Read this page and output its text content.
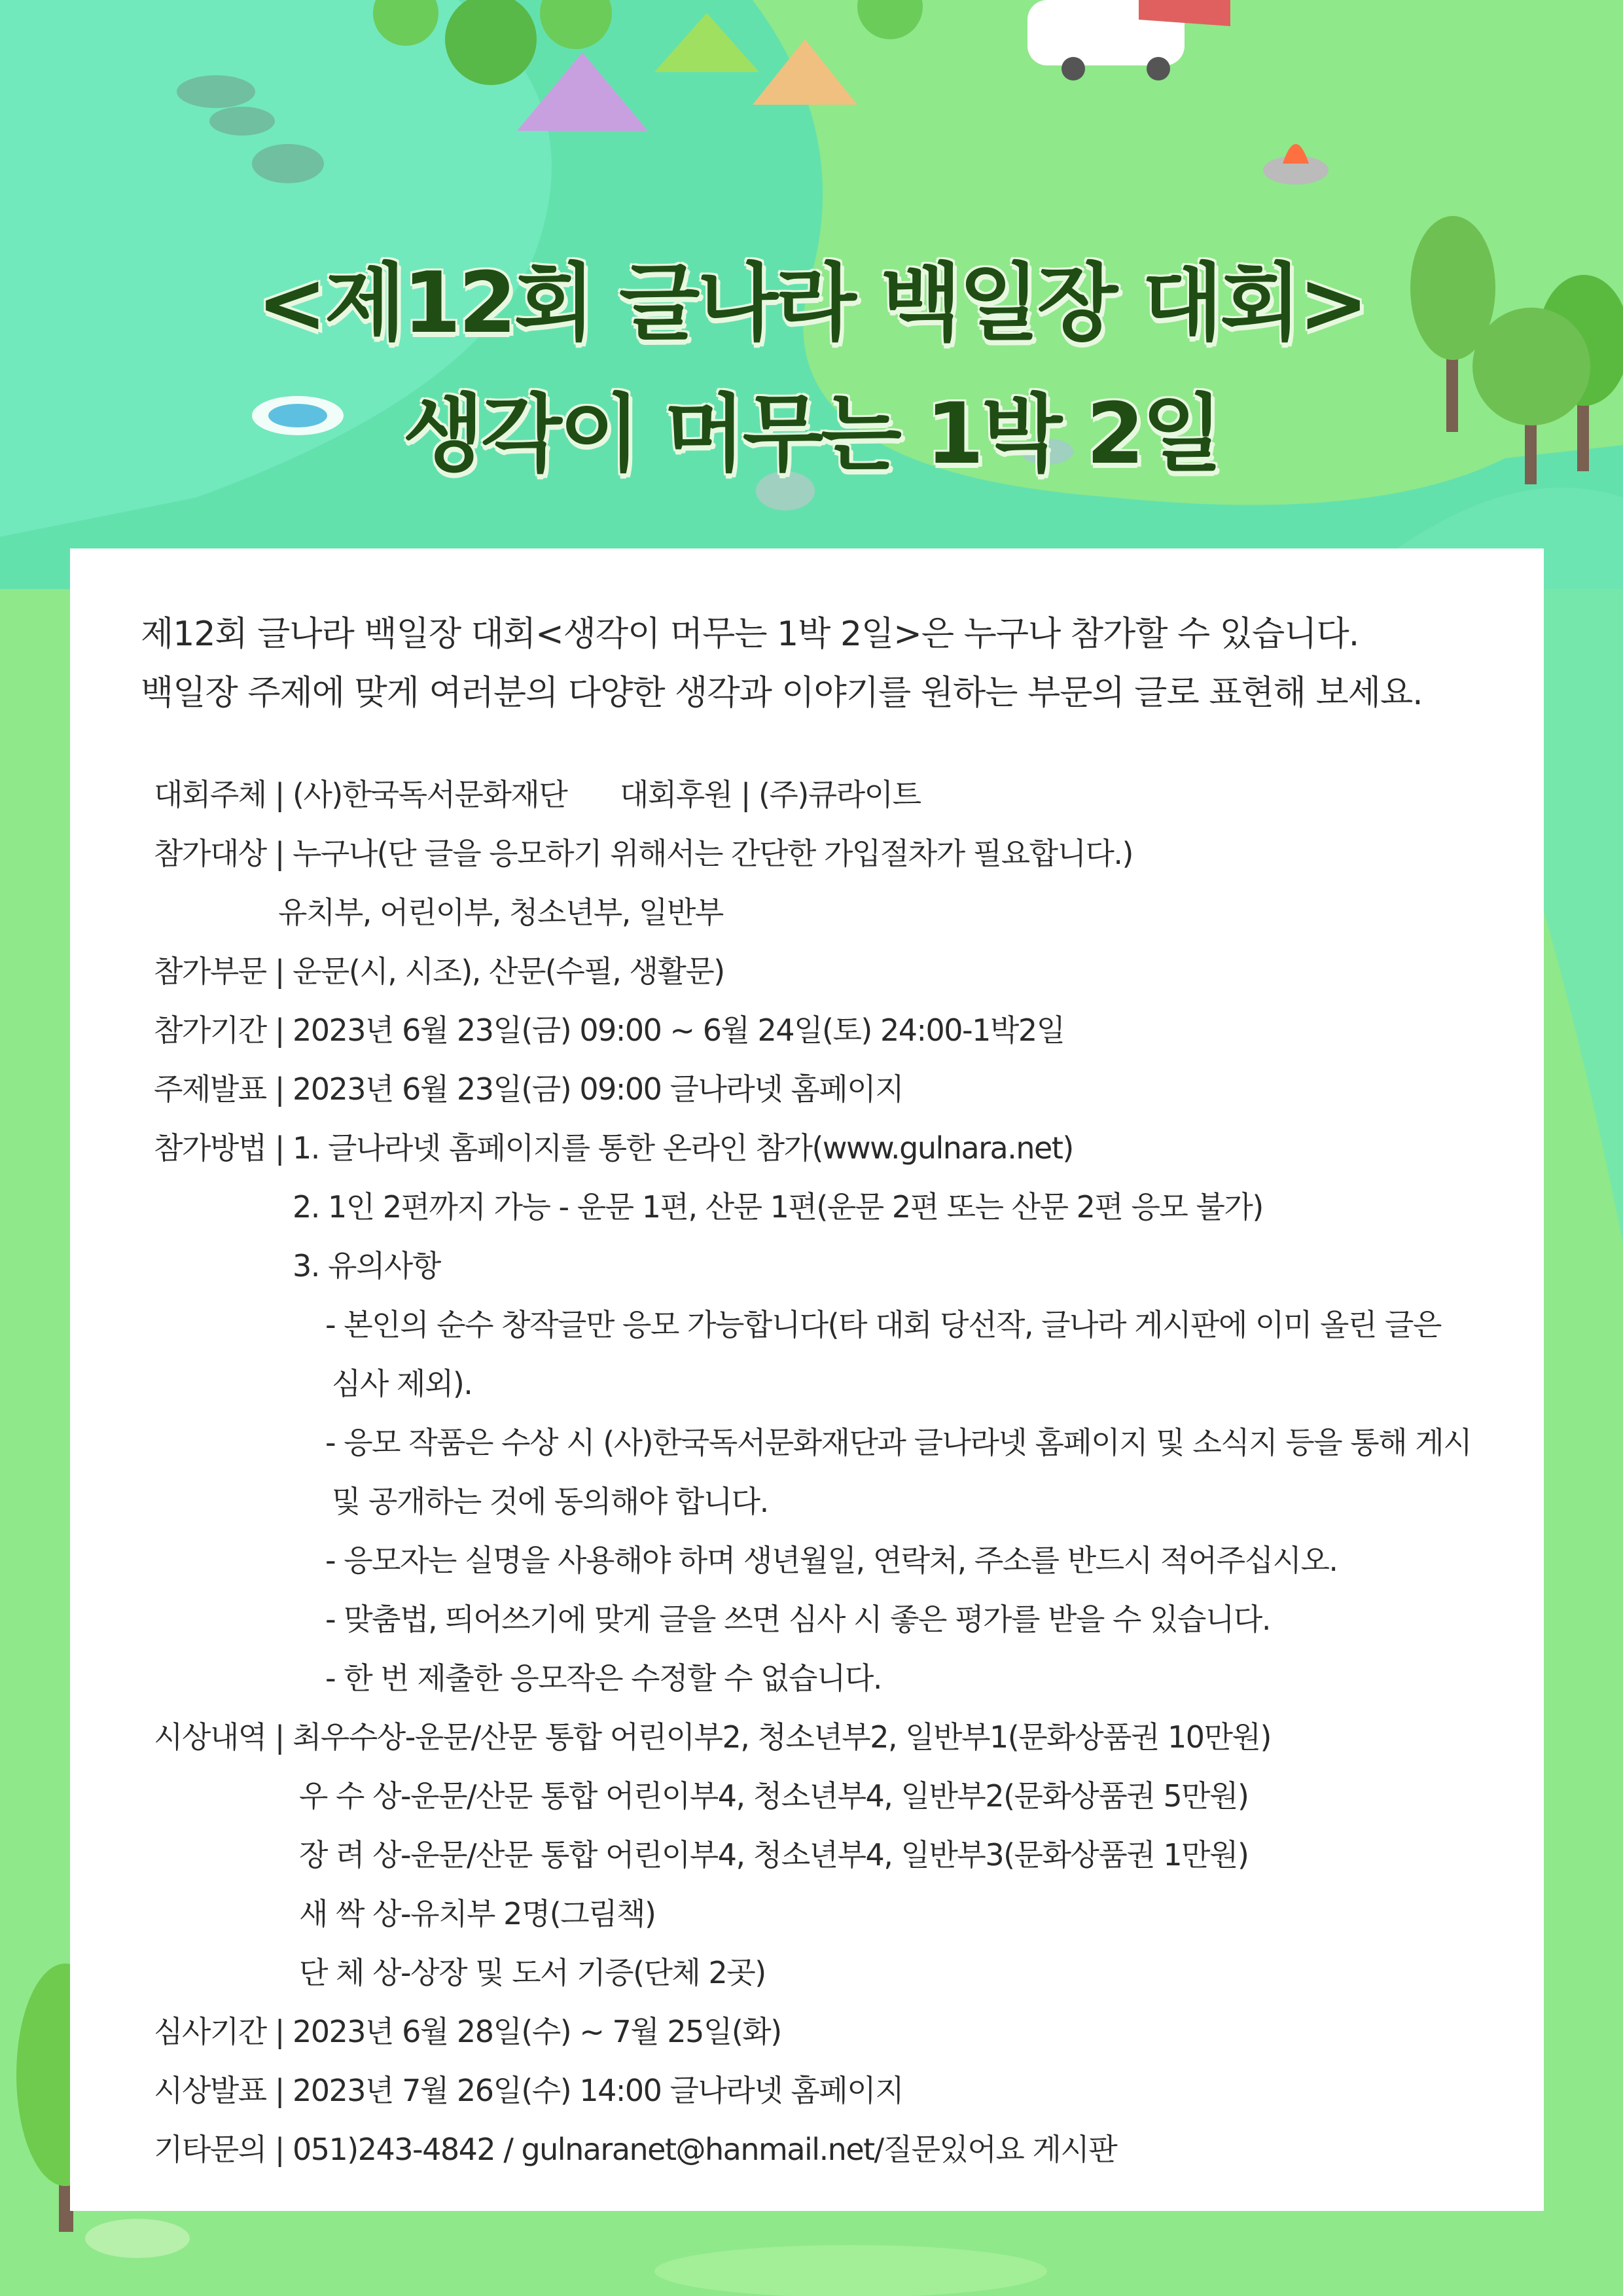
<제12회 글나라 백일장 대회>
생각이 머무는 1박 2일
제12회 글나라 백일장 대회<생각이 머무는 1박 2일>은 누구나 참가할 수 있습니다.
백일장 주제에 맞게 여러분의 다양한 생각과 이야기를 원하는 부문의 글로 표현해 보세요.
대회주체 | (사)한국독서문화재단 대회후원 | (주)큐라이트
참가대상 | 누구나(단 글을 응모하기 위해서는 간단한 가입절차가 필요합니다.)
유치부, 어린이부, 청소년부, 일반부
참가부문 | 운문(시, 시조), 산문(수필, 생활문)
참가기간 | 2023년 6월 23일(금) 09:00 ~ 6월 24일(토) 24:00-1박2일
주제발표 | 2023년 6월 23일(금) 09:00 글나라넷 홈페이지
참가방법 | 1. 글나라넷 홈페이지를 통한 온라인 참가(www.gulnara.net)
2. 1인 2편까지 가능 - 운문 1편, 산문 1편(운문 2편 또는 산문 2편 응모 불가)
3. 유의사항
- 본인의 순수 창작글만 응모 가능합니다(타 대회 당선작, 글나라 게시판에 이미 올린 글은
심사 제외).
- 응모 작품은 수상 시 (사)한국독서문화재단과 글나라넷 홈페이지 및 소식지 등을 통해 게시
및 공개하는 것에 동의해야 합니다.
- 응모자는 실명을 사용해야 하며 생년월일, 연락처, 주소를 반드시 적어주십시오.
- 맞춤법, 띄어쓰기에 맞게 글을 쓰면 심사 시 좋은 평가를 받을 수 있습니다.
- 한 번 제출한 응모작은 수정할 수 없습니다.
시상내역 | 최우수상-운문/산문 통합 어린이부2, 청소년부2, 일반부1(문화상품권 10만원)
우 수 상-운문/산문 통합 어린이부4, 청소년부4, 일반부2(문화상품권 5만원)
장 려 상-운문/산문 통합 어린이부4, 청소년부4, 일반부3(문화상품권 1만원)
새 싹 상-유치부 2명(그림책)
단 체 상-상장 및 도서 기증(단체 2곳)
심사기간 | 2023년 6월 28일(수) ~ 7월 25일(화)
시상발표 | 2023년 7월 26일(수) 14:00 글나라넷 홈페이지
기타문의 | 051)243-4842 / gulnaranet@hanmail.net/질문있어요 게시판
